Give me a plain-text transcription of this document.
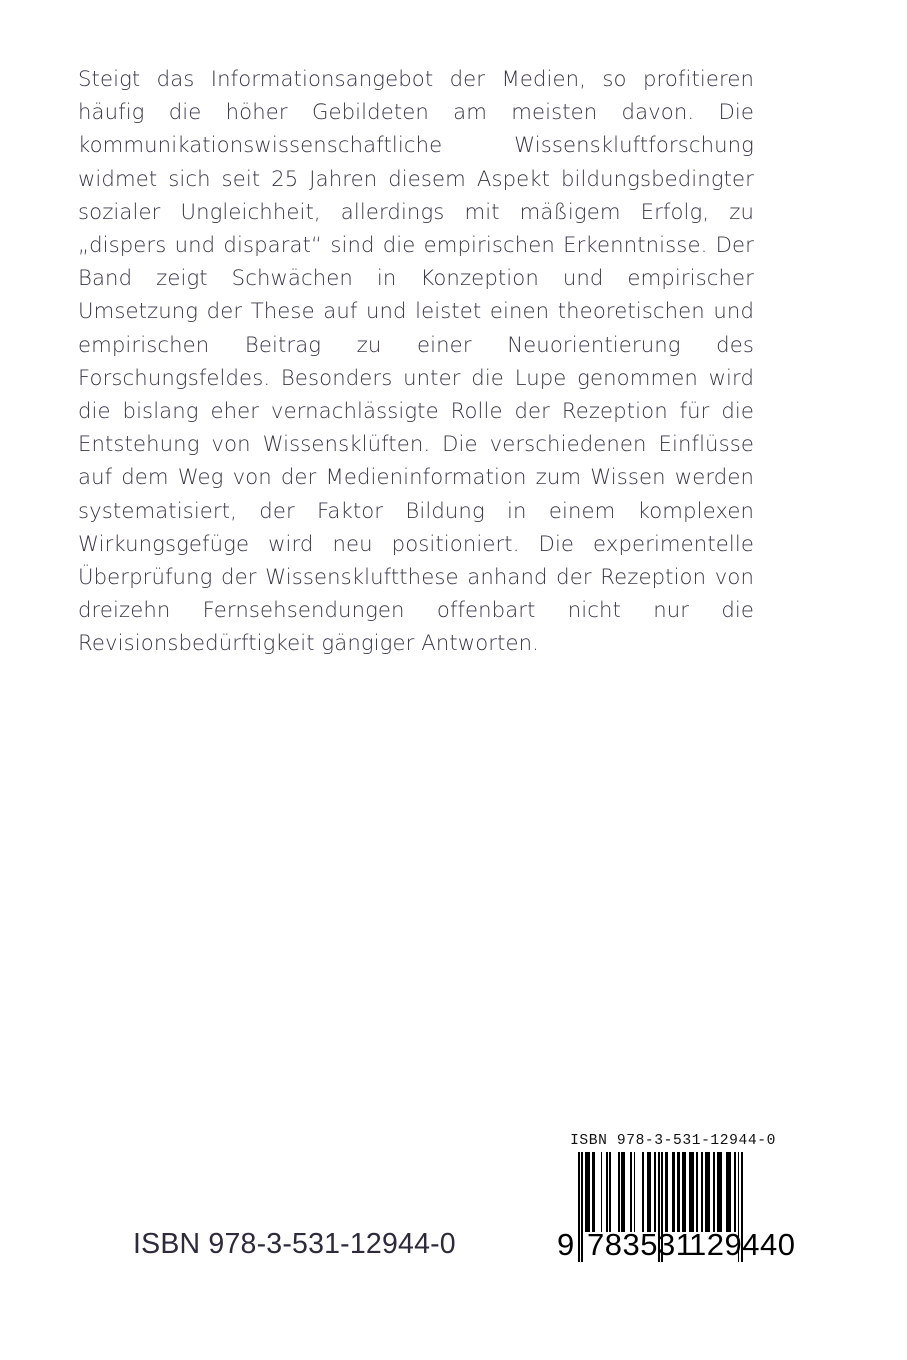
Steigt das Informationsangebot der Medien, so profitieren häufig die höher Gebildeten am meisten davon. Die kommunikationswissenschaftliche Wissenskluftforschung widmet sich seit 25 Jahren diesem Aspekt bildungsbedingter sozialer Ungleichheit, allerdings mit mäßigem Erfolg, zu „dispers und disparat“ sind die empirischen Erkenntnisse. Der Band zeigt Schwächen in Konzeption und empirischer Umsetzung der These auf und leistet einen theoretischen und empirischen Beitrag zu einer Neuorientierung des Forschungsfeldes. Besonders unter die Lupe genommen wird die bislang eher vernachlässigte Rolle der Rezeption für die Entstehung von Wissensklüften. Die verschiedenen Einflüsse auf dem Weg von der Medieninformation zum Wissen werden systematisiert, der Faktor Bildung in einem komplexen Wirkungsgefüge wird neu positioniert. Die experimentelle Überprüfung der Wissenskluftthese anhand der Rezeption von dreizehn Fernsehsendungen offenbart nicht nur die Revisionsbedürftigkeit gängiger Antworten.

ISBN 978-3-531-12944-0
ISBN 978-3-531-12944-0
9 783531
129440
